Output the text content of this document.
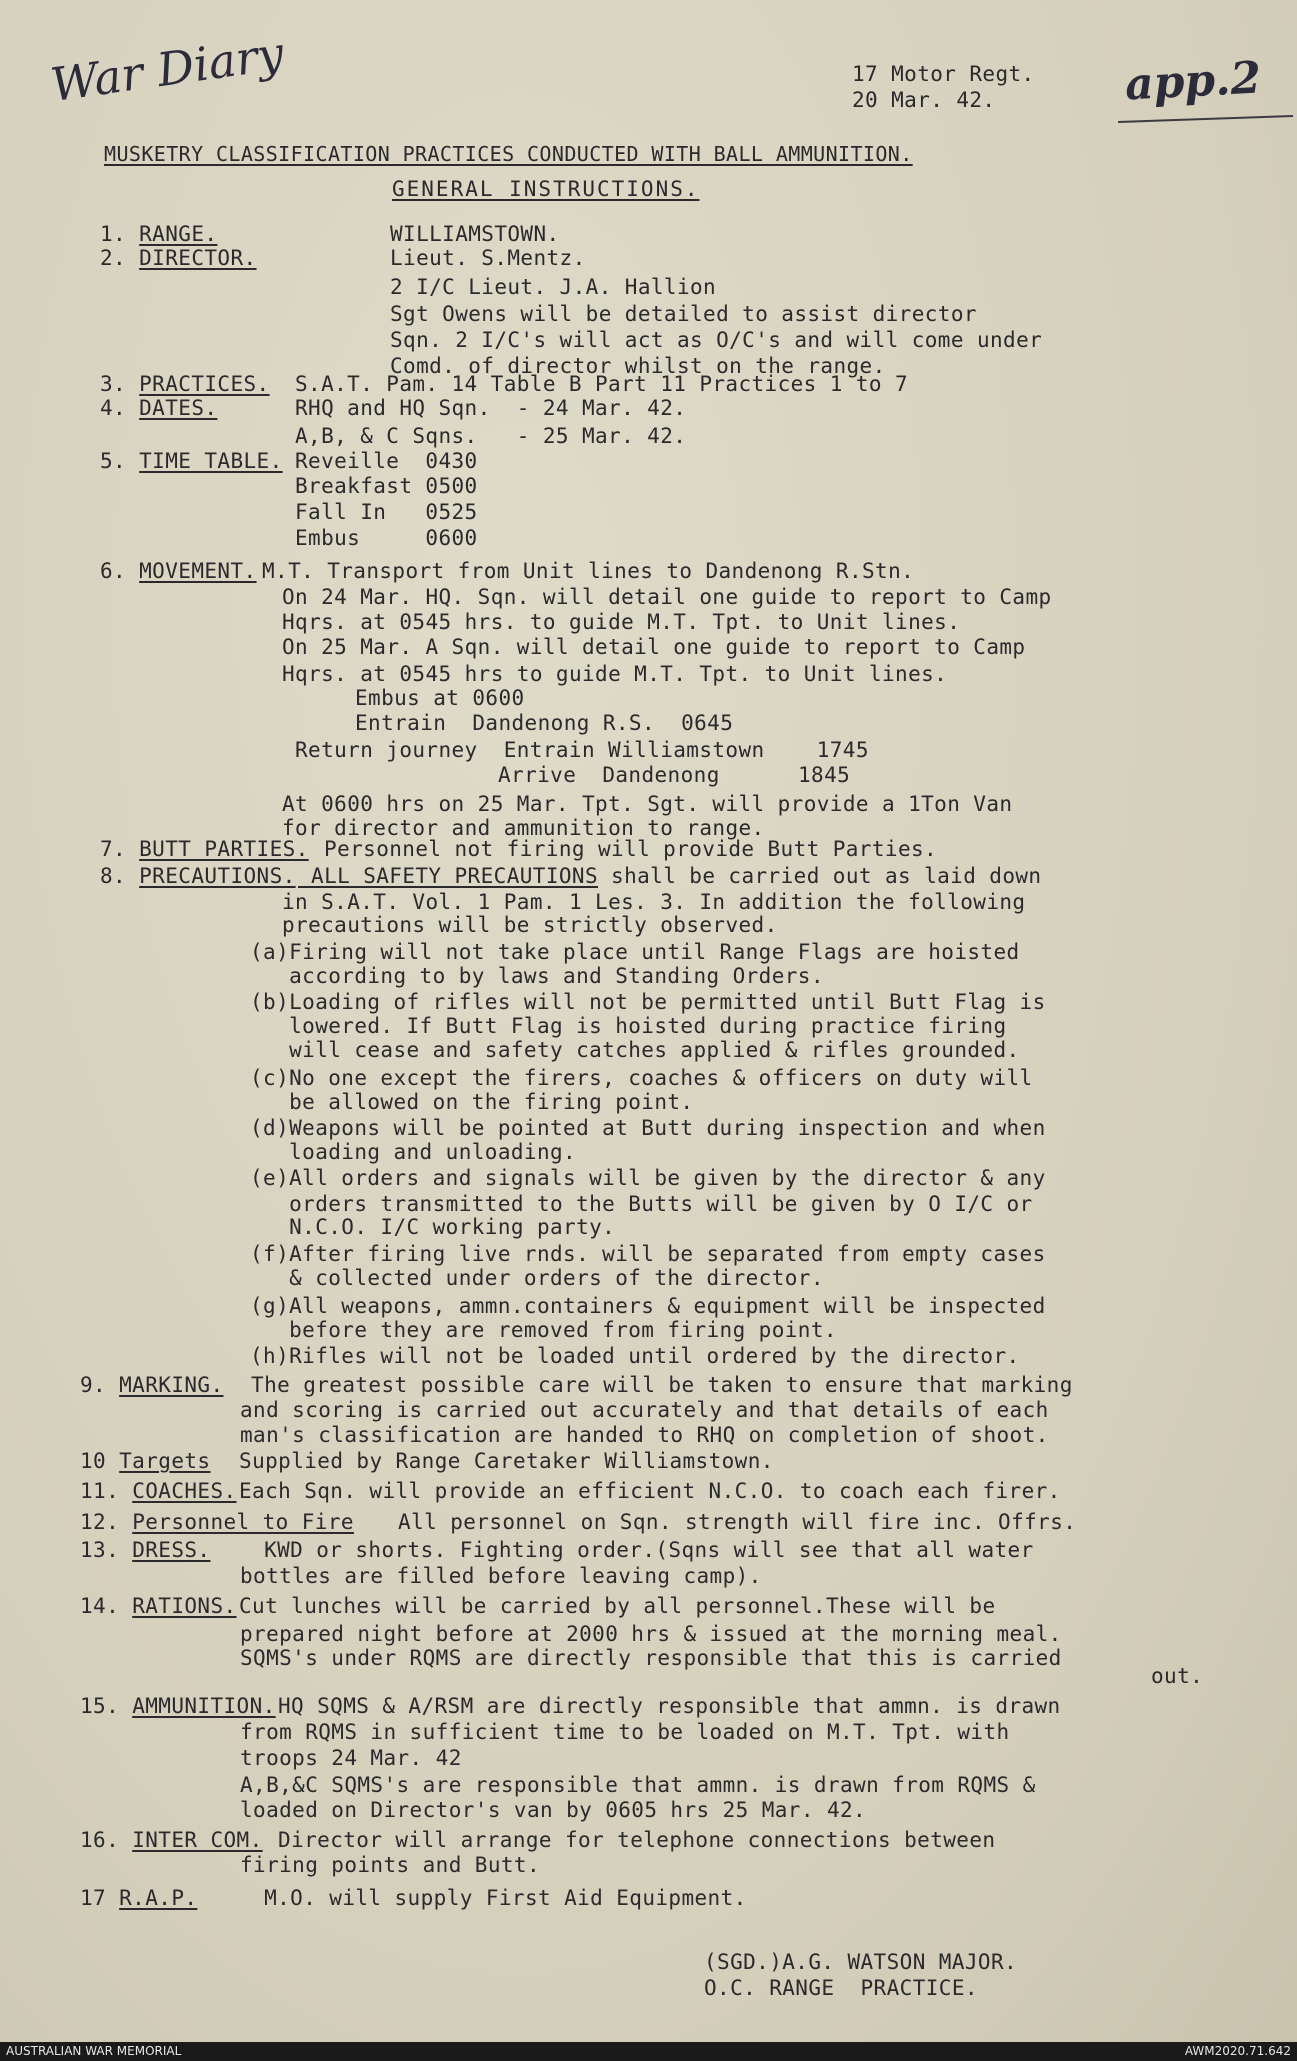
War Diary	app.2
17 Motor Regt.
20 Mar. 42.
MUSKETRY CLASSIFICATION PRACTICES CONDUCTED WITH BALL AMMUNITION.
GENERAL INSTRUCTIONS.
1. RANGE.	WILLIAMSTOWN.
2. DIRECTOR.	Lieut. S.Mentz.
2 I/C Lieut. J.A. Hallion
Sgt Owens will be detailed to assist director
Sqn. 2 I/C's will act as O/C's and will come under
Comd. of director whilst on the range.
3. PRACTICES. S.A.T. Pam. 14 Table B Part 11 Practices 1 to 7
4. DATES.	RHQ and HQ Sqn.  - 24 Mar. 42.
A,B, & C Sqns.   - 25 Mar. 42.
5. TIME TABLE. Reveille  0430
Breakfast 0500
Fall In   0525
Embus     0600
6. MOVEMENT. M.T. Transport from Unit lines to Dandenong R.Stn.
On 24 Mar. HQ. Sqn. will detail one guide to report to Camp
Hqrs. at 0545 hrs. to guide M.T. Tpt. to Unit lines.
On 25 Mar. A Sqn. will detail one guide to report to Camp
Hqrs. at 0545 hrs to guide M.T. Tpt. to Unit lines.
Embus at 0600
Entrain  Dandenong R.S.  0645
Return journey  Entrain Williamstown    1745
Arrive  Dandenong      1845
At 0600 hrs on 25 Mar. Tpt. Sgt. will provide a 1Ton Van
for director and ammunition to range.
7. BUTT PARTIES. Personnel not firing will provide Butt Parties.
8. PRECAUTIONS. ALL SAFETY PRECAUTIONS shall be carried out as laid down
in S.A.T. Vol. 1 Pam. 1 Les. 3. In addition the following
precautions will be strictly observed.
(a)Firing will not take place until Range Flags are hoisted
according to by laws and Standing Orders.
(b)Loading of rifles will not be permitted until Butt Flag is
lowered. If Butt Flag is hoisted during practice firing
will cease and safety catches applied & rifles grounded.
(c)No one except the firers, coaches & officers on duty will
be allowed on the firing point.
(d)Weapons will be pointed at Butt during inspection and when
loading and unloading.
(e)All orders and signals will be given by the director & any
orders transmitted to the Butts will be given by O I/C or
N.C.O. I/C working party.
(f)After firing live rnds. will be separated from empty cases
& collected under orders of the director.
(g)All weapons, ammn.containers & equipment will be inspected
before they are removed from firing point.
(h)Rifles will not be loaded until ordered by the director.
9. MARKING. The greatest possible care will be taken to ensure that marking
and scoring is carried out accurately and that details of each
man's classification are handed to RHQ on completion of shoot.
10 Targets Supplied by Range Caretaker Williamstown.
11. COACHES. Each Sqn. will provide an efficient N.C.O. to coach each firer.
12. Personnel to Fire All personnel on Sqn. strength will fire inc. Offrs.
13. DRESS. KWD or shorts. Fighting order.(Sqns will see that all water
bottles are filled before leaving camp).
14. RATIONS. Cut lunches will be carried by all personnel.These will be
prepared night before at 2000 hrs & issued at the morning meal.
SQMS's under RQMS are directly responsible that this is carried
out.
15. AMMUNITION. HQ SQMS & A/RSM are directly responsible that ammn. is drawn
from RQMS in sufficient time to be loaded on M.T. Tpt. with
troops 24 Mar. 42
A,B,&C SQMS's are responsible that ammn. is drawn from RQMS &
loaded on Director's van by 0605 hrs 25 Mar. 42.
16. INTER COM. Director will arrange for telephone connections between
firing points and Butt.
17 R.A.P. M.O. will supply First Aid Equipment.
(SGD.)A.G. WATSON MAJOR.
O.C. RANGE  PRACTICE.
AUSTRALIAN WAR MEMORIAL	AWM2020.71.642
